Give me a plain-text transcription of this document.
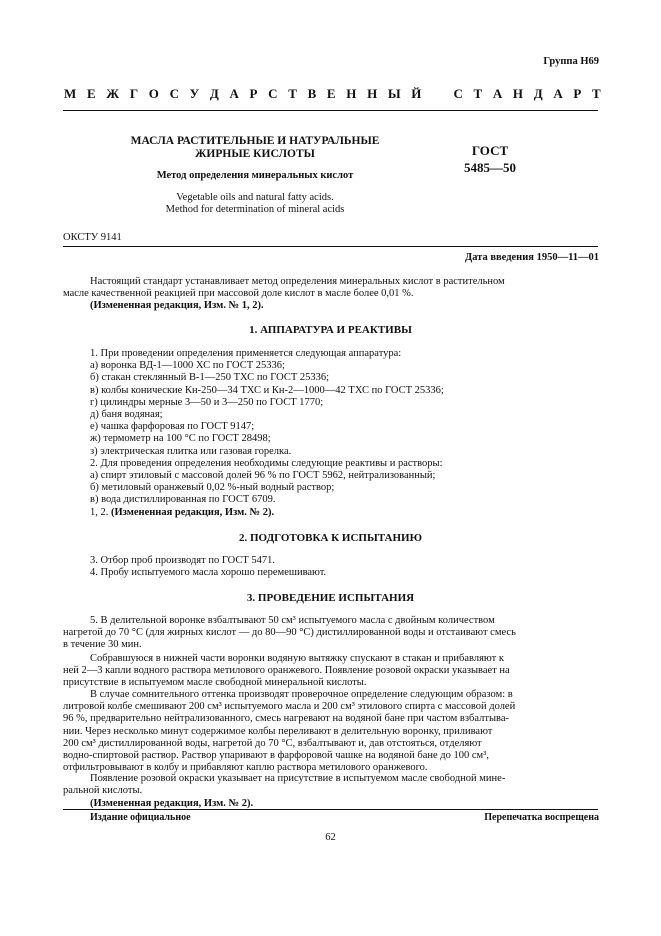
Группа Н69
М Е Ж Г О С У Д А Р С Т В Е Н Н Ы Й С Т А Н Д А Р Т
МАСЛА РАСТИТЕЛЬНЫЕ И НАТУРАЛЬНЫЕ
ЖИРНЫЕ КИСЛОТЫ
Метод определения минеральных кислот
Vegetable oils and natural fatty acids.
Method for determination of mineral acids
ГОСТ
5485—50
ОКСТУ 9141
Дата введения 1950—11—01
Настоящий стандарт устанавливает метод определения минеральных кислот в растительном
масле качественной реакцией при массовой доле кислот в масле более 0,01 %.
(Измененная редакция, Изм. № 1, 2).
1. АППАРАТУРА И РЕАКТИВЫ
1. При проведении определения применяется следующая аппаратура:
а) воронка ВД-1—1000 ХС по ГОСТ 25336;
б) стакан стеклянный В-1—250 ТХС по ГОСТ 25336;
в) колбы конические Кн-250—34 ТХС и Кн-2—1000—42 ТХС по ГОСТ 25336;
г) цилиндры мерные 3—50 и 3—250 по ГОСТ 1770;
д) баня водяная;
е) чашка фарфоровая по ГОСТ 9147;
ж) термометр на 100 °С по ГОСТ 28498;
з) электрическая плитка или газовая горелка.
2. Для проведения определения необходимы следующие реактивы и растворы:
а) спирт этиловый с массовой долей 96 % по ГОСТ 5962, нейтрализованный;
б) метиловый оранжевый 0,02 %-ный водный раствор;
в) вода дистиллированная по ГОСТ 6709.
1, 2. (Измененная редакция, Изм. № 2).
2. ПОДГОТОВКА К ИСПЫТАНИЮ
3. Отбор проб производят по ГОСТ 5471.
4. Пробу испытуемого масла хорошо перемешивают.
3. ПРОВЕДЕНИЕ ИСПЫТАНИЯ
5. В делительной воронке взбалтывают 50 см³ испытуемого масла с двойным количеством
нагретой до 70 °С (для жирных кислот — до 80—90 °С) дистиллированной воды и отстаивают смесь
в течение 30 мин.
Собравшуюся в нижней части воронки водяную вытяжку спускают в стакан и прибавляют к
ней 2—3 капли водного раствора метилового оранжевого. Появление розовой окраски указывает на
присутствие в испытуемом масле свободной минеральной кислоты.
В случае сомнительного оттенка производят проверочное определение следующим образом: в
литровой колбе смешивают 200 см³ испытуемого масла и 200 см³ этилового спирта с массовой долей
96 %, предварительно нейтрализованного, смесь нагревают на водяной бане при частом взбалтыва-
нии. Через несколько минут содержимое колбы переливают в делительную воронку, приливают
200 см³ дистиллированной воды, нагретой до 70 °С, взбалтывают и, дав отстояться, отделяют
водно-спиртовой раствор. Раствор упаривают в фарфоровой чашке на водяной бане до 100 см³,
отфильтровывают в колбу и прибавляют каплю раствора метилового оранжевого.
Появление розовой окраски указывает на присутствие в испытуемом масле свободной мине-
ральной кислоты.
(Измененная редакция, Изм. № 2).
Издание официальное	Перепечатка воспрещена
62
